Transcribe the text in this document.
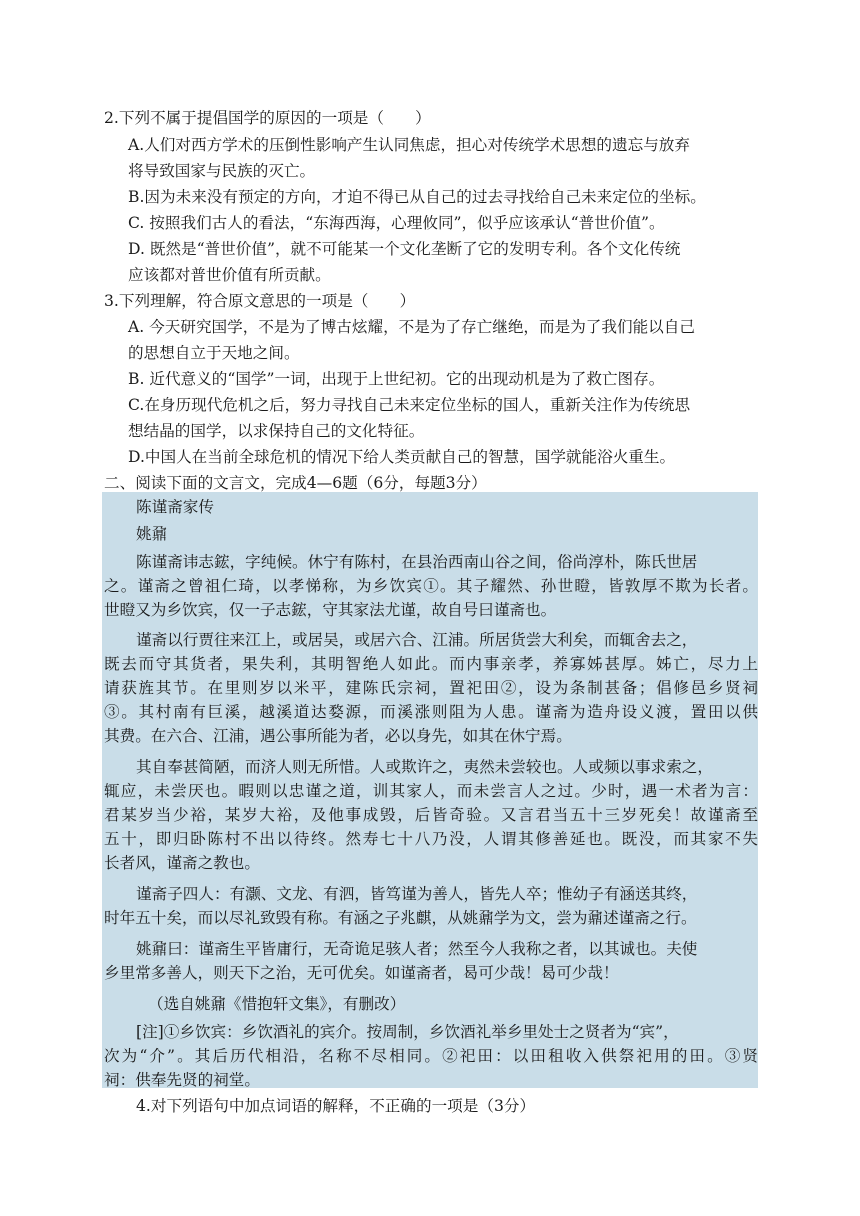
2.下列不属于提倡国学的原因的一项是（　　）
A.人们对西方学术的压倒性影响产生认同焦虑，担心对传统学术思想的遗忘与放弃
将导致国家与民族的灭亡。
B.因为未来没有预定的方向，才迫不得已从自己的过去寻找给自己未来定位的坐标。
C. 按照我们古人的看法，“东海西海，心理攸同”，似乎应该承认“普世价值”。
D. 既然是“普世价值”，就不可能某一个文化垄断了它的发明专利。各个文化传统
应该都对普世价值有所贡献。
3.下列理解，符合原文意思的一项是（　　）
A. 今天研究国学，不是为了博古炫耀，不是为了存亡继绝，而是为了我们能以自己
的思想自立于天地之间。
B. 近代意义的“国学”一词，出现于上世纪初。它的出现动机是为了救亡图存。
C.在身历现代危机之后，努力寻找自己未来定位坐标的国人，重新关注作为传统思
想结晶的国学，以求保持自己的文化特征。
D.中国人在当前全球危机的情况下给人类贡献自己的智慧，国学就能浴火重生。
二、阅读下面的文言文，完成4—6题（6分，每题3分）
陈谨斋家传
姚鼐
陈谨斋讳志鋐，字纯候。休宁有陈村，在县治西南山谷之间，俗尚淳朴，陈氏世居
之。谨斋之曾祖仁琦，以孝悌称，为乡饮宾①。其子耀然、孙世瞪，皆敦厚不欺为长者。
世瞪又为乡饮宾，仅一子志鋐，守其家法尤谨，故自号曰谨斋也。
谨斋以行贾往来江上，或居吴，或居六合、江浦。所居货尝大利矣，而辄舍去之，
既去而守其货者，果失利，其明智绝人如此。而内事亲孝，养寡姊甚厚。姊亡，尽力上
请获旌其节。在里则岁以米平，建陈氏宗祠，置祀田②，设为条制甚备；倡修邑乡贤祠
③。其村南有巨溪，越溪道达婺源，而溪涨则阻为人患。谨斋为造舟设义渡，置田以供
其费。在六合、江浦，遇公事所能为者，必以身先，如其在休宁焉。
其自奉甚简陋，而济人则无所惜。人或欺许之，夷然未尝较也。人或频以事求索之，
辄应，未尝厌也。暇则以忠谨之道，训其家人，而未尝言人之过。少时，遇一术者为言：
君某岁当少裕，某岁大裕，及他事成毁，后皆奇验。又言君当五十三岁死矣！故谨斋至
五十，即归卧陈村不出以待终。然寿七十八乃没，人谓其修善延也。既没，而其家不失
长者风，谨斋之教也。
谨斋子四人：有灏、文龙、有泗，皆笃谨为善人，皆先人卒；惟幼子有涵送其终，
时年五十矣，而以尽礼致毁有称。有涵之子兆麒，从姚鼐学为文，尝为鼐述谨斋之行。
姚鼐曰：谨斋生平皆庸行，无奇诡足骇人者；然至今人我称之者，以其诚也。夫使
乡里常多善人，则天下之治，无可优矣。如谨斋者，曷可少哉！曷可少哉！
（选自姚鼐《惜抱轩文集》，有删改）
[注]①乡饮宾：乡饮酒礼的宾介。按周制，乡饮酒礼举乡里处士之贤者为“宾”，
次为“介”。其后历代相沿，名称不尽相同。②祀田：以田租收入供祭祀用的田。③贤
祠：供奉先贤的祠堂。
4.对下列语句中加点词语的解释，不正确的一项是（3分）
